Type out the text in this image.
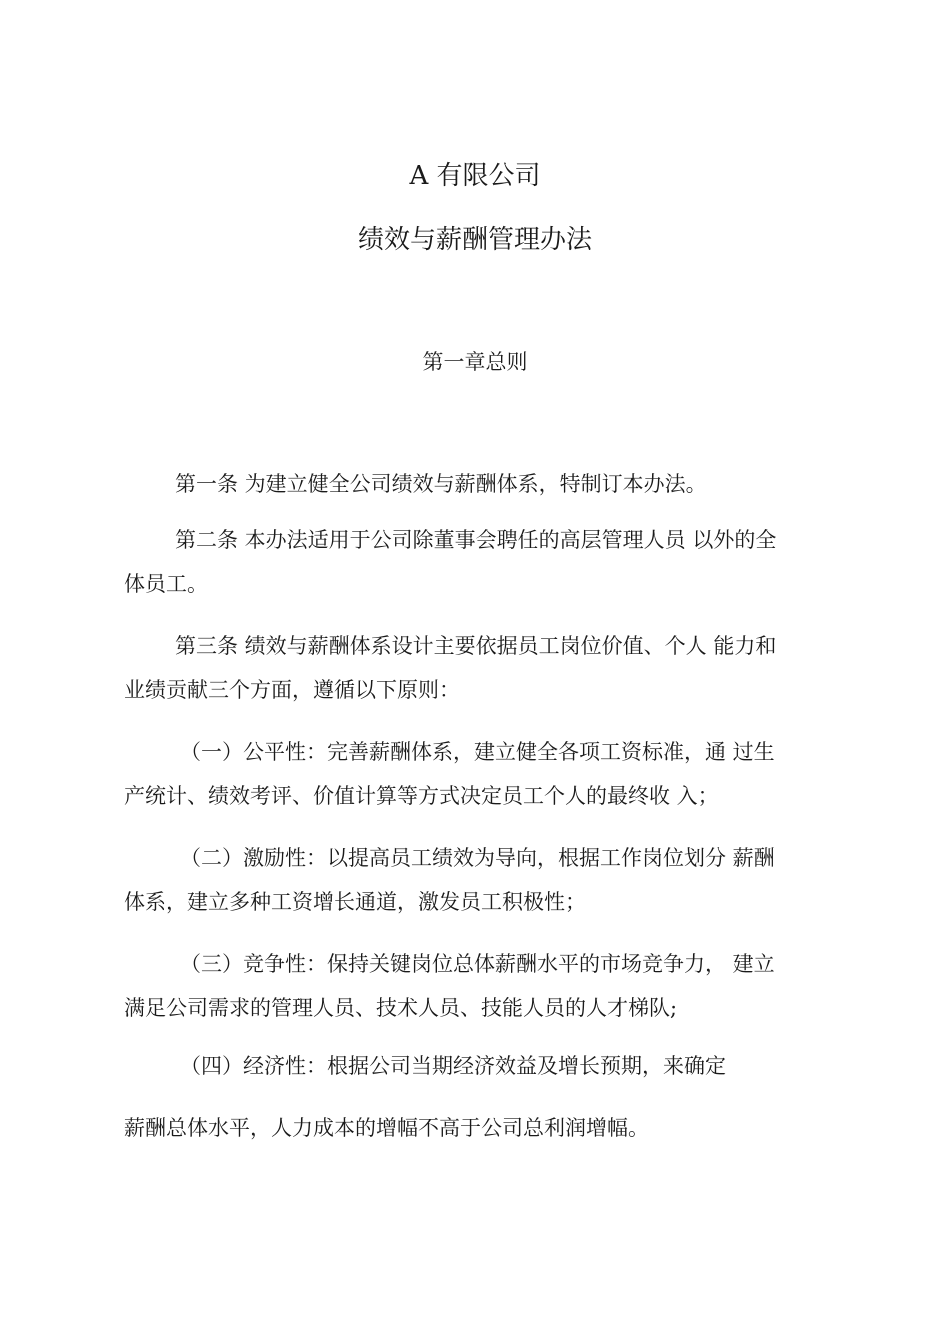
A 有限公司
绩效与薪酬管理办法
第一章总则
第一条 为建立健全公司绩效与薪酬体系，特制订本办法。
第二条 本办法适用于公司除董事会聘任的高层管理人员 以外的全
体员工。
第三条 绩效与薪酬体系设计主要依据员工岗位价值、个人 能力和
业绩贡献三个方面，遵循以下原则：
（一）公平性：完善薪酬体系，建立健全各项工资标准，通 过生
产统计、绩效考评、价值计算等方式决定员工个人的最终收 入；
（二）激励性：以提高员工绩效为导向，根据工作岗位划分 薪酬
体系，建立多种工资增长通道，激发员工积极性；
（三）竞争性：保持关键岗位总体薪酬水平的市场竞争力， 建立
满足公司需求的管理人员、技术人员、技能人员的人才梯队;
（四）经济性：根据公司当期经济效益及增长预期，来确定
薪酬总体水平，人力成本的增幅不高于公司总利润增幅。
